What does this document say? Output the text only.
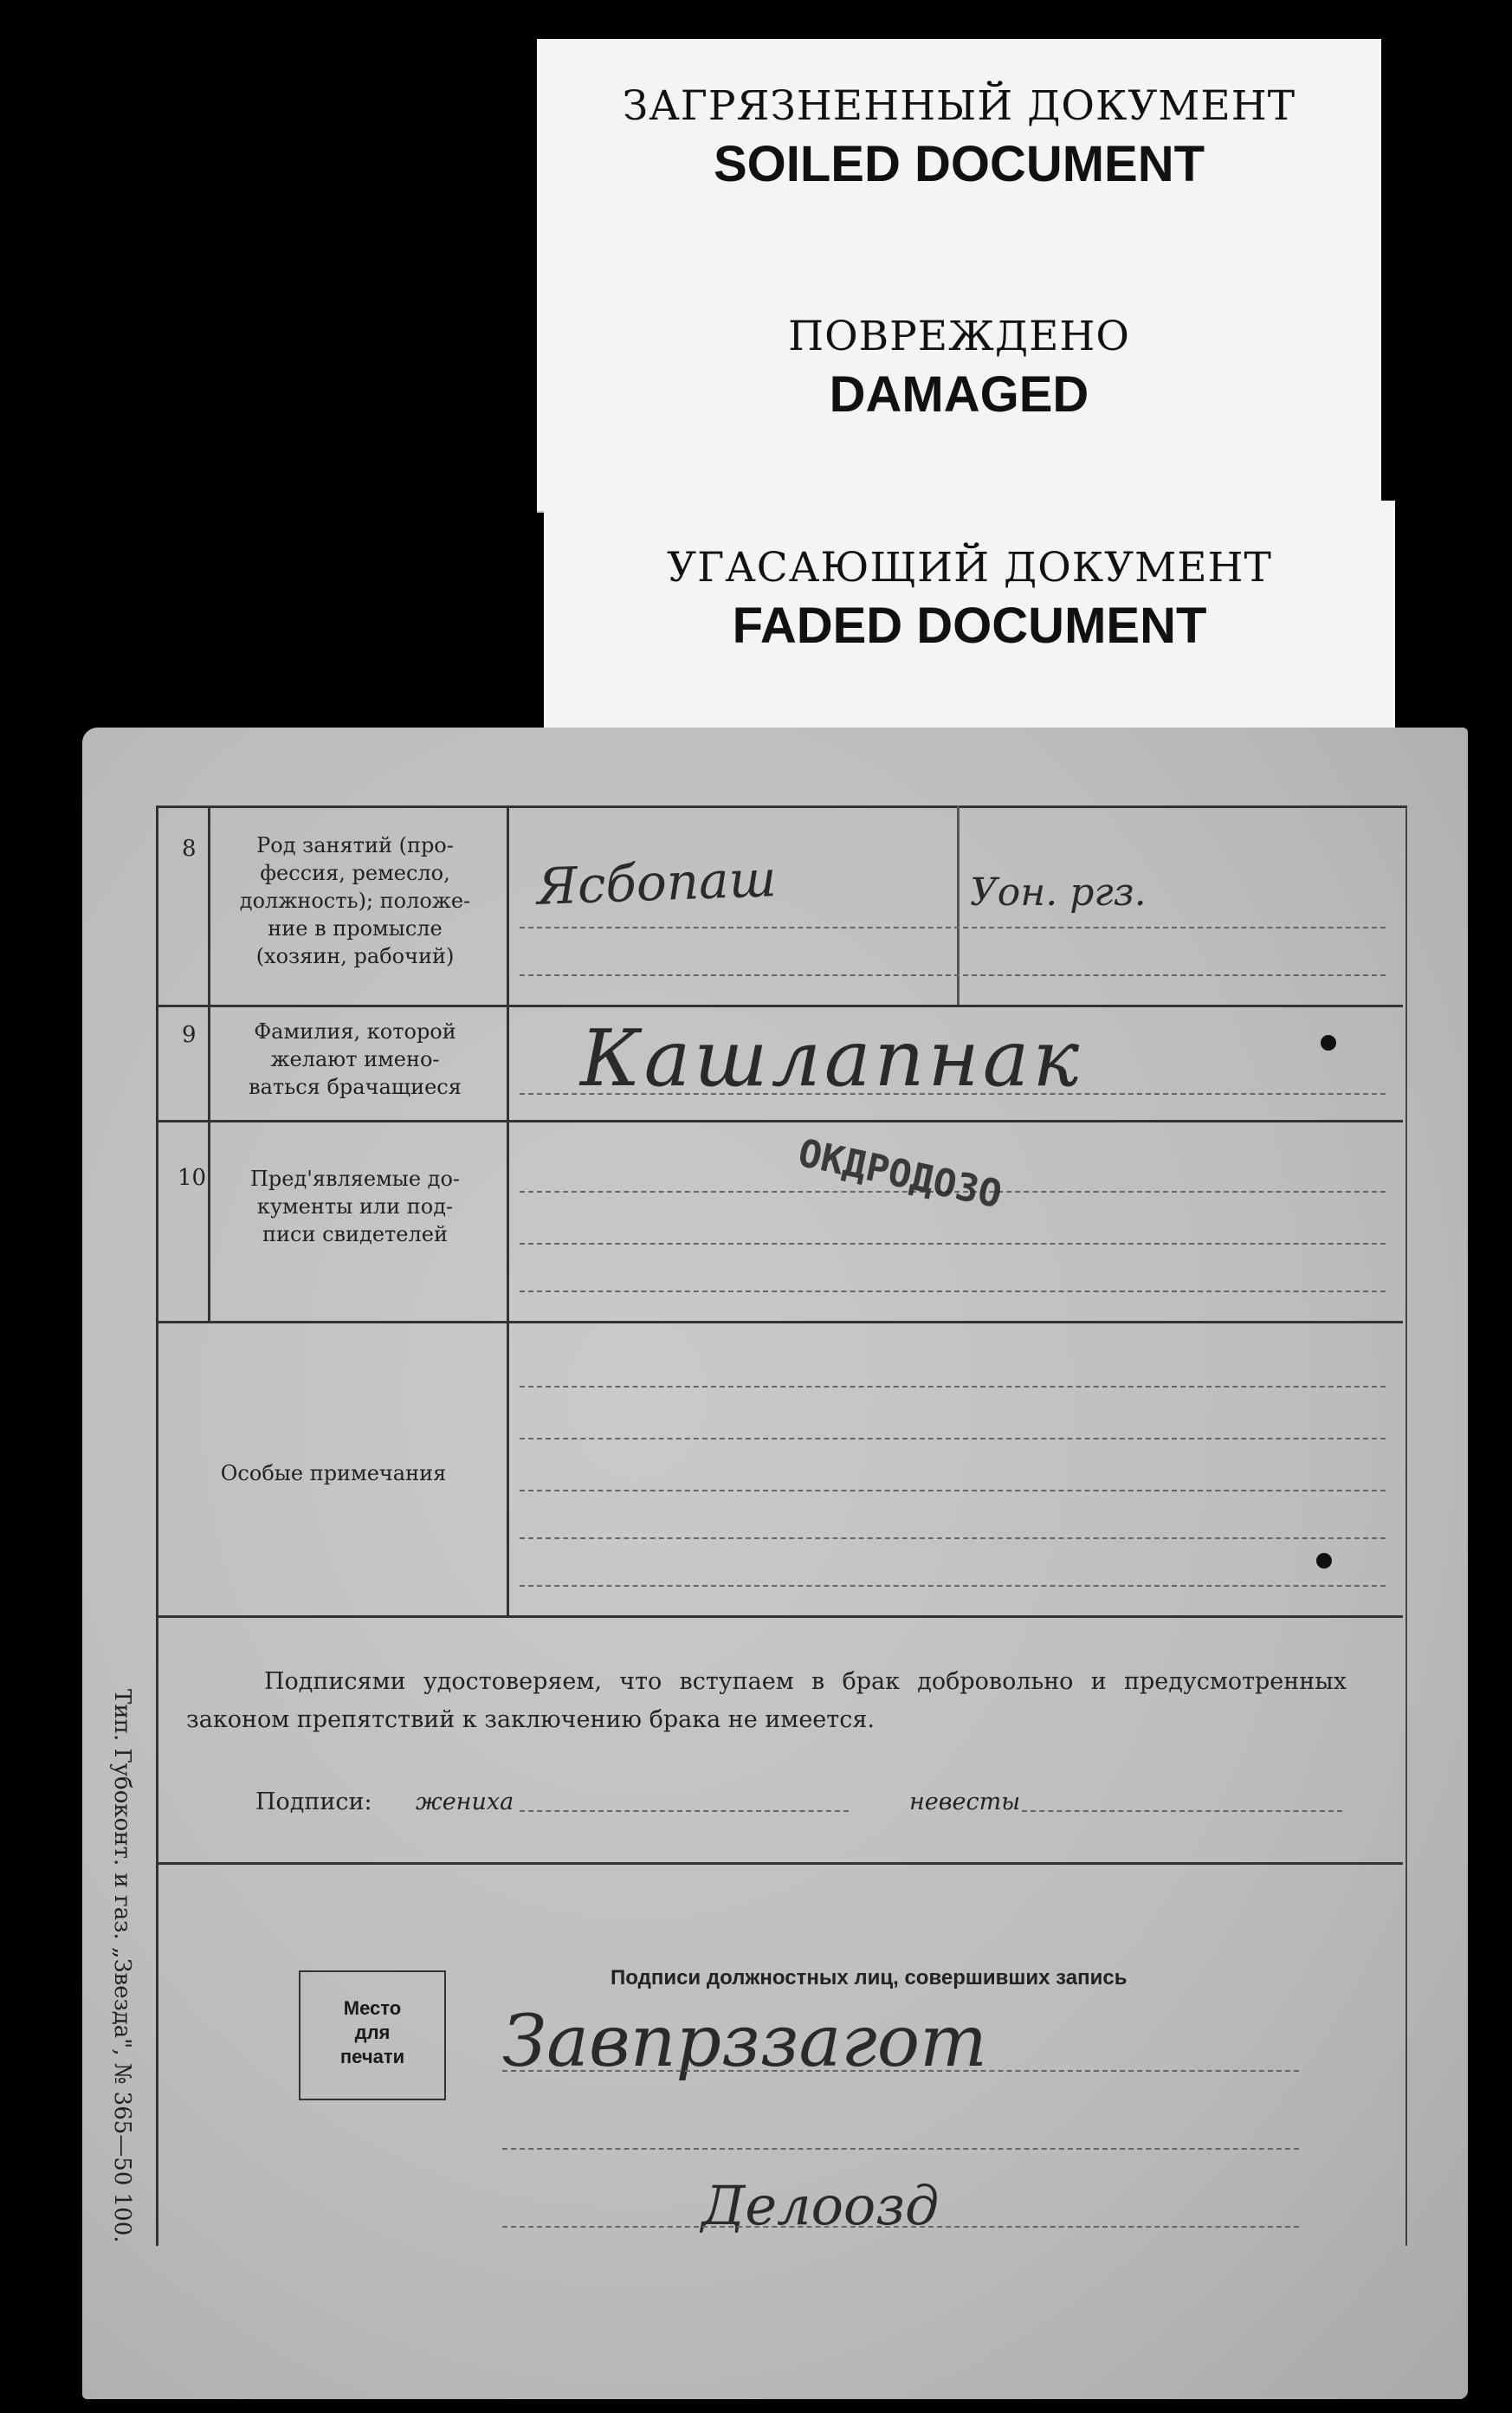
ЗАГРЯЗНЕННЫЙ ДОКУМЕНТ
SOILED DOCUMENT
ПОВРЕЖДЕНО
DAMAGED
УГАСАЮЩИЙ ДОКУМЕНТ
FADED DOCUMENT
8	Род занятий (про-
фессия, ремесло,
должность); положе-
ние в промысле
(хозяин, рабочий)
Ясбопаш	Уон. ргз.
9	Фамилия, которой
желают имено-
ваться брачащиеся	Кашлапнак
10	Пред'являемые до-
кументы или под-
писи свидетелей
ОКДРОДОЗО
Особые примечания
Подписями удостоверяем, что вступаем в брак добровольно и предусмотренных законом препятствий к заключению брака не имеется.
Подписи: жениха	невесты
Подписи должностных лиц, совершивших запись
Место
для
печати	Завпрззагот
Делоозд
Тип. Губоконт. и газ. „Звезда", № 365—50 100.
